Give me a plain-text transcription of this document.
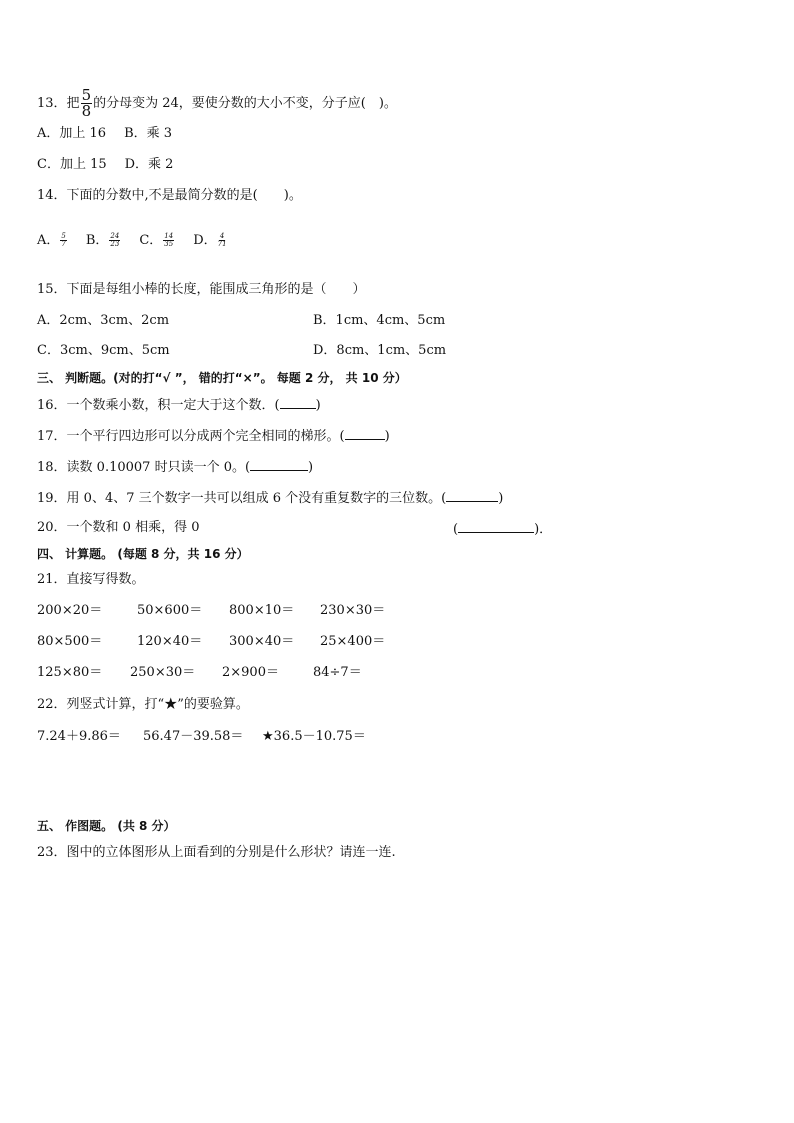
13．把 $\frac{5}{8}$ 的分母变为 24，要使分数的大小不变，分子应(　)。
A．加上 16 B．乘 3
C．加上 15 D．乘 2
14．下面的分数中,不是最简分数的是(　　)。
A． $\frac{5}{7}$ B． $\frac{24}{23}$ C． $\frac{14}{35}$ D． $\frac{4}{71}$
15．下面是每组小棒的长度，能围成三角形的是（　　）
A．2cm、3cm、2cm	B．1cm、4cm、5cm
C．3cm、9cm、5cm	D．8cm、1cm、5cm
三、 判断题。(对的打“√ ”， 错的打“×”。 每题 2 分， 共 10 分）
16．一个数乘小数，积一定大于这个数．(	)
17．一个平行四边形可以分成两个完全相同的梯形。(	)
18．读数 0.10007 时只读一个 0。(	)
19．用 0、4、7 三个数字一共可以组成 6 个没有重复数字的三位数。(	)
20．一个数和 0 相乘，得 0	(	)．
四、 计算题。 (每题 8 分，共 16 分）
21．直接写得数。
200×20＝	50×600＝ 800×10＝ 230×30＝
80×500＝	120×40＝ 300×40＝ 25×400＝
125×80＝ 250×30＝ 2×900＝	84÷7＝
22．列竖式计算，打“★”的要验算。
7.24＋9.86＝ 56.47－39.58＝ ★36.5－10.75＝
五、 作图题。 (共 8 分）
23．图中的立体图形从上面看到的分别是什么形状？请连一连.
